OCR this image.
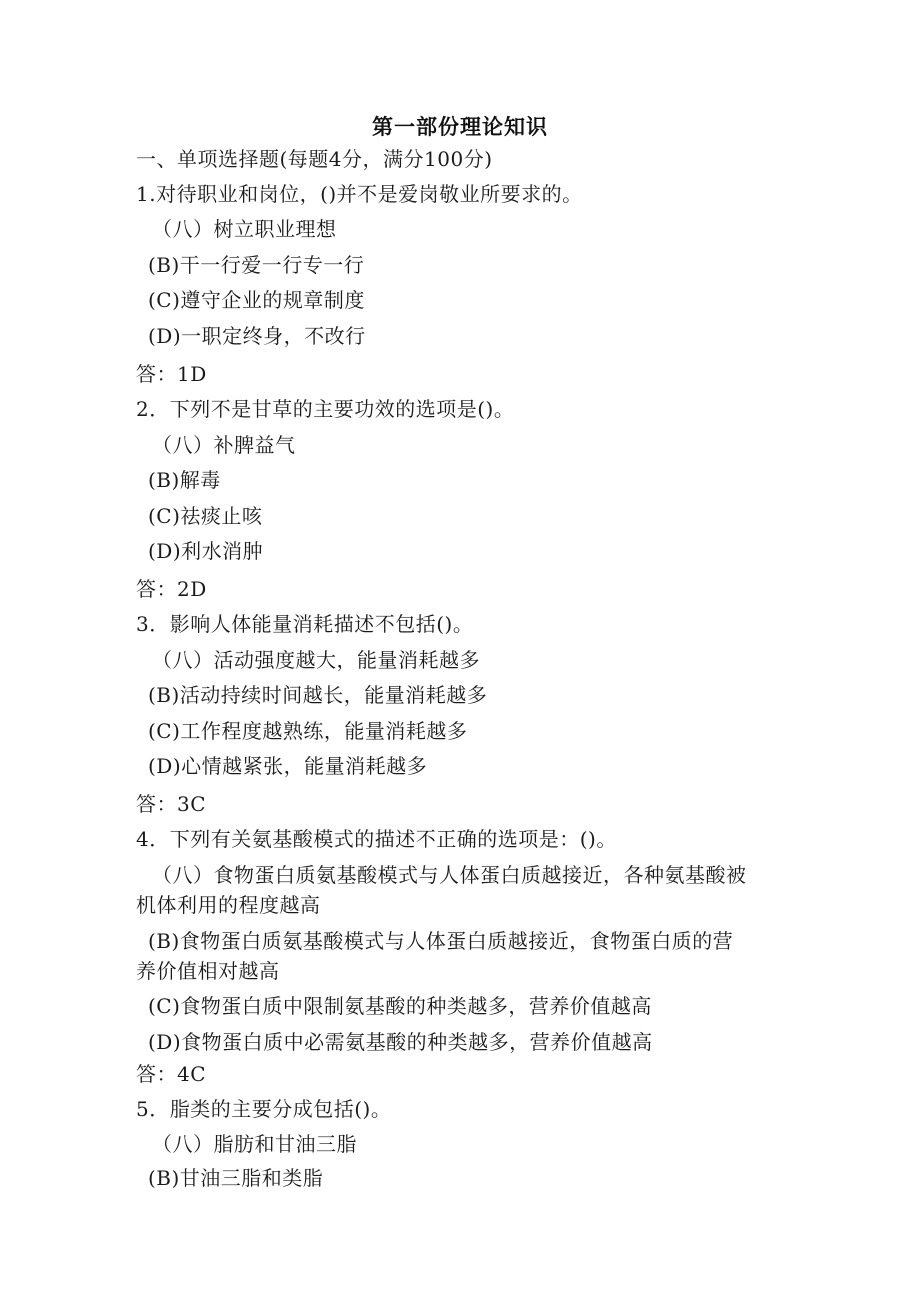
第一部份理论知识
一、单项选择题(每题4分，满分100分)
1.对待职业和岗位，()并不是爱岗敬业所要求的。
（八）树立职业理想
(B)干一行爱一行专一行
(C)遵守企业的规章制度
(D)一职定终身，不改行
答：1D
2．下列不是甘草的主要功效的选项是()。
（八）补脾益气
(B)解毒
(C)祛痰止咳
(D)利水消肿
答：2D
3．影响人体能量消耗描述不包括()。
（八）活动强度越大，能量消耗越多
(B)活动持续时间越长，能量消耗越多
(C)工作程度越熟练，能量消耗越多
(D)心情越紧张，能量消耗越多
答：3C
4．下列有关氨基酸模式的描述不正确的选项是：()。
（八）食物蛋白质氨基酸模式与人体蛋白质越接近，各种氨基酸被
机体利用的程度越高
(B)食物蛋白质氨基酸模式与人体蛋白质越接近，食物蛋白质的营
养价值相对越高
(C)食物蛋白质中限制氨基酸的种类越多，营养价值越高
(D)食物蛋白质中必需氨基酸的种类越多，营养价值越高
答：4C
5．脂类的主要分成包括()。
（八）脂肪和甘油三脂
(B)甘油三脂和类脂
